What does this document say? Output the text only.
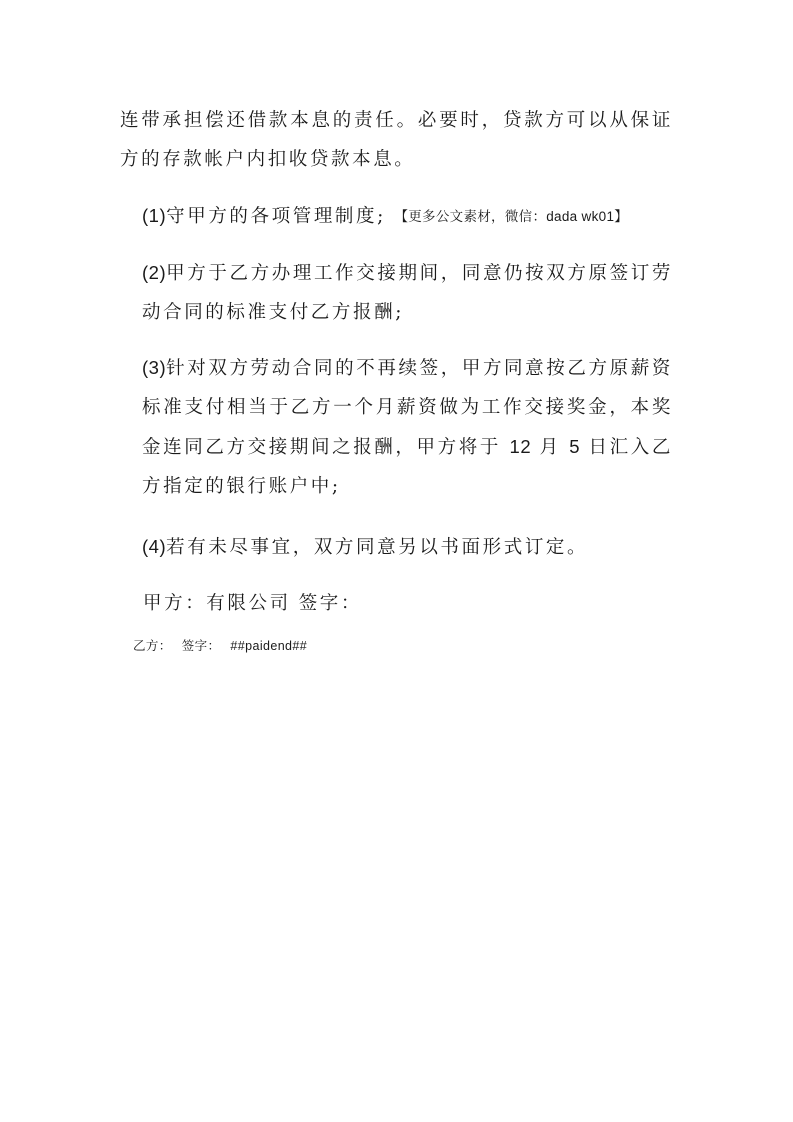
连带承担偿还借款本息的责任。必要时，贷款方可以从保证方的存款帐户内扣收贷款本息。

(1)守甲方的各项管理制度; 【更多公文素材，微信：dada wk01】

(2)甲方于乙方办理工作交接期间，同意仍按双方原签订劳动合同的标准支付乙方报酬;

(3)针对双方劳动合同的不再续签，甲方同意按乙方原薪资标准支付相当于乙方一个月薪资做为工作交接奖金，本奖金连同乙方交接期间之报酬，甲方将于 12 月 5 日汇入乙方指定的银行账户中;

(4)若有未尽事宜，双方同意另以书面形式订定。

甲方：有限公司 签字：
乙方： 签字： ##paidend##
